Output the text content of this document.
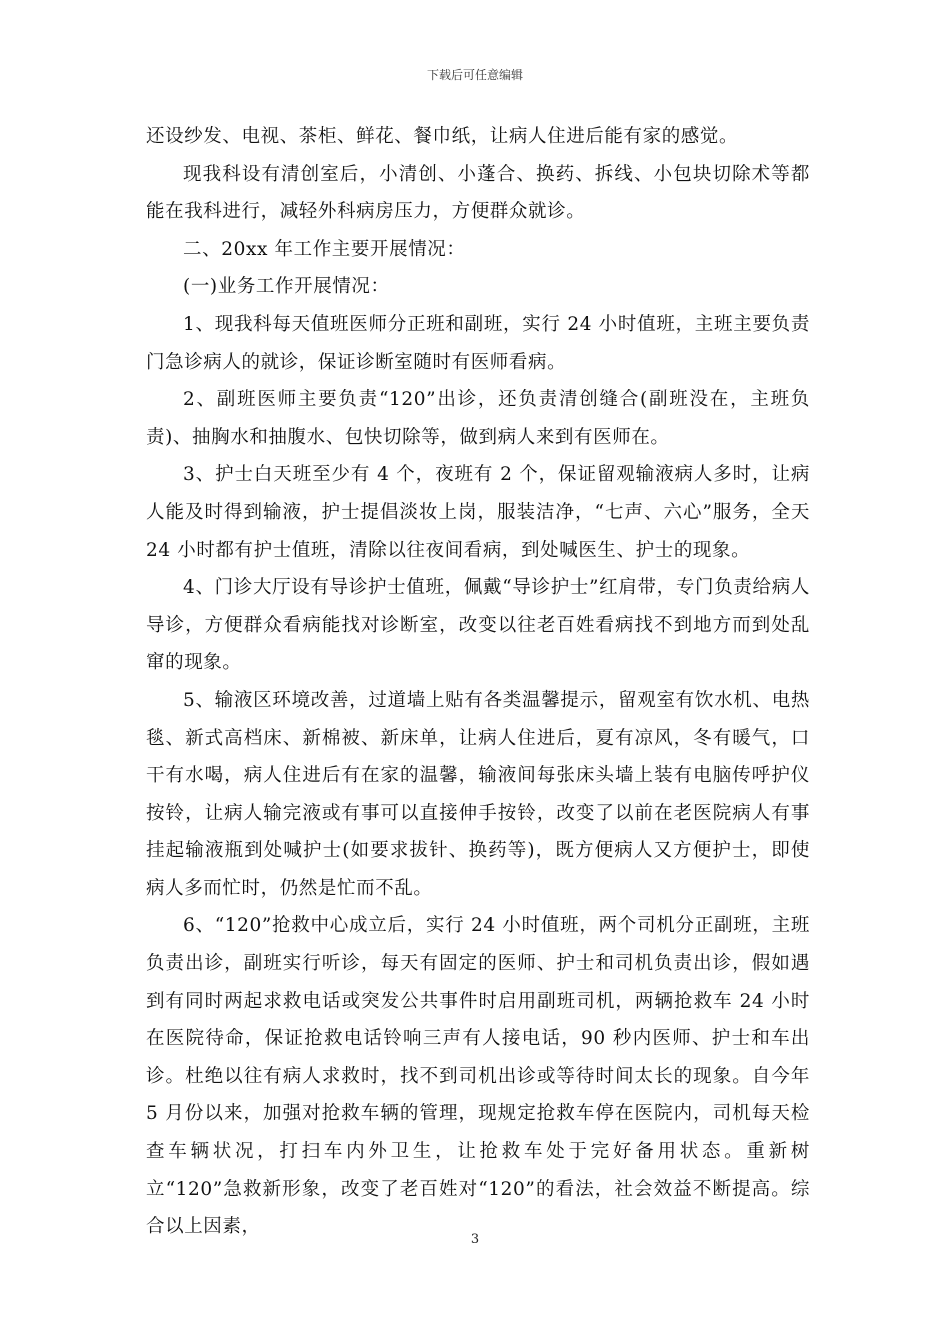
下载后可任意编辑

还设纱发、电视、茶柜、鲜花、餐巾纸，让病人住进后能有家的感觉。

现我科设有清创室后，小清创、小蓬合、换药、拆线、小包块切除术等都能在我科进行，减轻外科病房压力，方便群众就诊。

二、20xx 年工作主要开展情况：

(一)业务工作开展情况：

1、现我科每天值班医师分正班和副班，实行 24 小时值班，主班主要负责门急诊病人的就诊，保证诊断室随时有医师看病。

2、副班医师主要负责“120”出诊，还负责清创缝合(副班没在，主班负责)、抽胸水和抽腹水、包快切除等，做到病人来到有医师在。

3、护士白天班至少有 4 个，夜班有 2 个，保证留观输液病人多时，让病人能及时得到输液，护士提倡淡妆上岗，服装洁净，“七声、六心”服务，全天 24 小时都有护士值班，清除以往夜间看病，到处喊医生、护士的现象。

4、门诊大厅设有导诊护士值班，佩戴“导诊护士”红肩带，专门负责给病人导诊，方便群众看病能找对诊断室，改变以往老百姓看病找不到地方而到处乱窜的现象。

5、输液区环境改善，过道墙上贴有各类温馨提示，留观室有饮水机、电热毯、新式高档床、新棉被、新床单，让病人住进后，夏有凉风，冬有暖气，口干有水喝，病人住进后有在家的温馨，输液间每张床头墙上装有电脑传呼护仪按铃，让病人输完液或有事可以直接伸手按铃，改变了以前在老医院病人有事挂起输液瓶到处喊护士(如要求拔针、换药等)，既方便病人又方便护士，即使病人多而忙时，仍然是忙而不乱。

6、“120”抢救中心成立后，实行 24 小时值班，两个司机分正副班，主班负责出诊，副班实行听诊，每天有固定的医师、护士和司机负责出诊，假如遇到有同时两起求救电话或突发公共事件时启用副班司机，两辆抢救车 24 小时在医院待命，保证抢救电话铃响三声有人接电话，90 秒内医师、护士和车出诊。杜绝以往有病人求救时，找不到司机出诊或等待时间太长的现象。自今年 5 月份以来，加强对抢救车辆的管理，现规定抢救车停在医院内，司机每天检查车辆状况，打扫车内外卫生，让抢救车处于完好备用状态。重新树立“120”急救新形象，改变了老百姓对“120”的看法，社会效益不断提高。综合以上因素，

3
